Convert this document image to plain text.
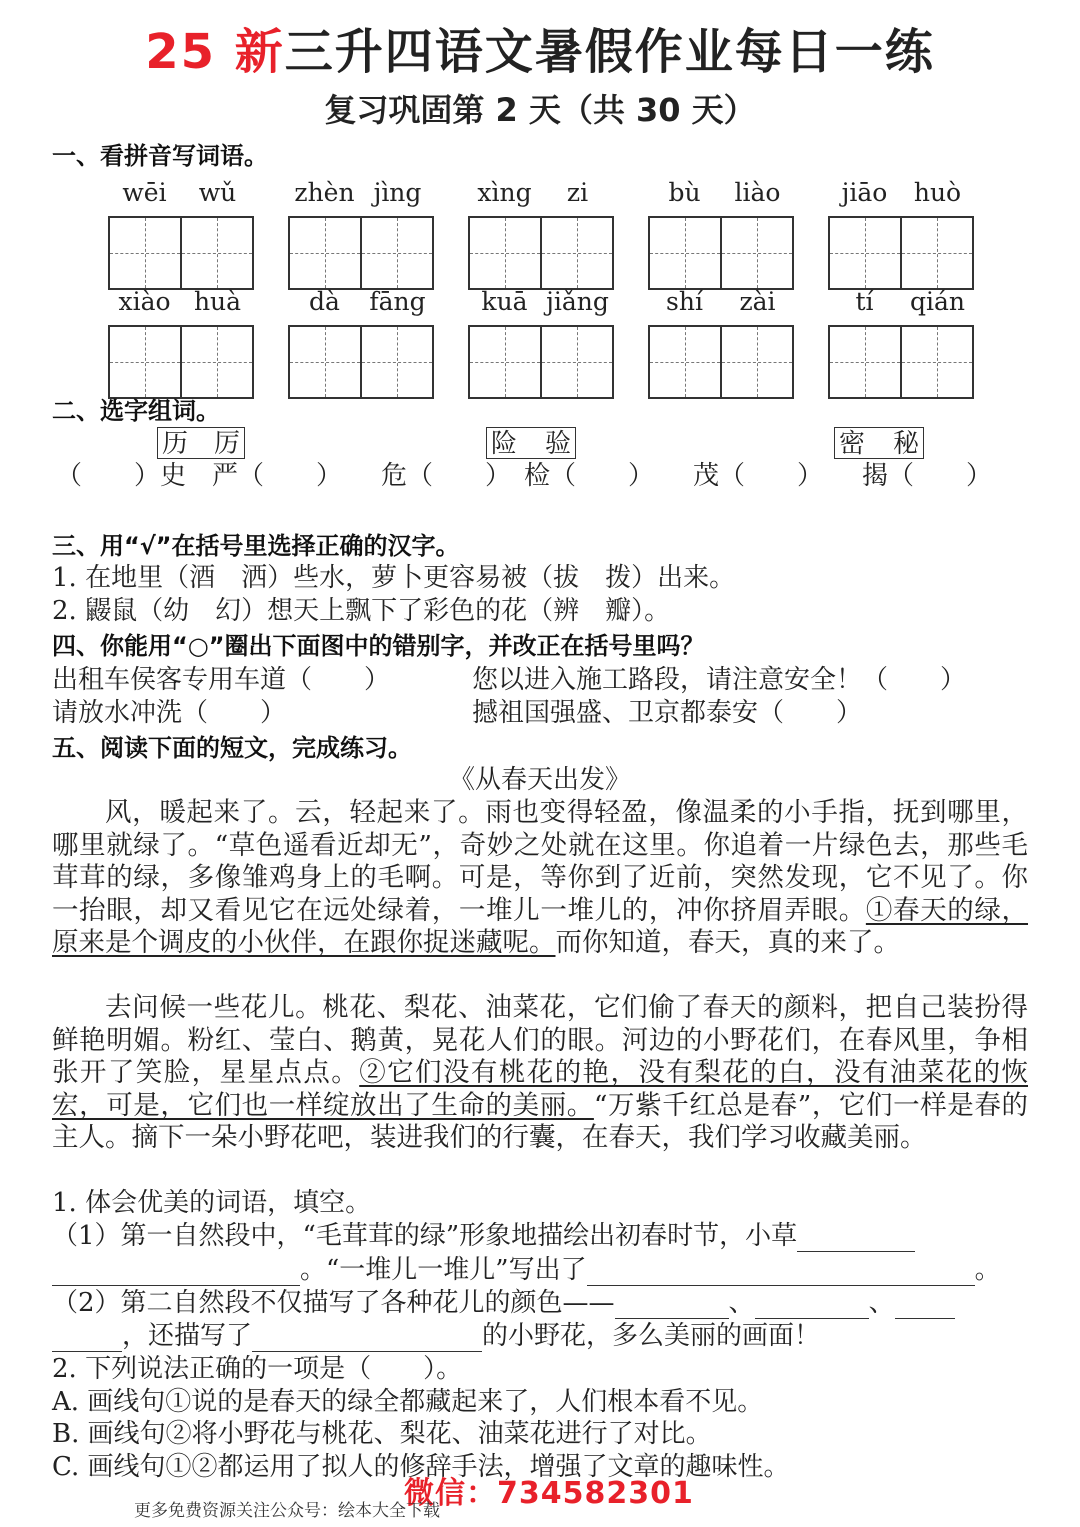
25 新三升四语文暑假作业每日一练
复习巩固第 2 天（共 30 天）
一、看拼音写词语。
wēi	wǔ	zhèn jìng	xìng	zi	bù	liào	jiāo	huò
xiào huà	dà	fāng	kuā jiǎng	shí	zài	tí	qián
二、选字组词。
历 厉	险 验	密 秘
（　　）史　严（　　）　　危（　　）　检（　　）　　茂（　　）　　揭（　　）
三、用“√”在括号里选择正确的汉字。
1. 在地里（酒　洒）些水，萝卜更容易被（拔　拨）出来。
2. 鼹鼠（幼　幻）想天上飘下了彩色的花（辨　瓣）。
四、你能用“○”圈出下面图中的错别字，并改正在括号里吗？
出租车侯客专用车道（　　）	您以进入施工路段，请注意安全！（　　）
请放水冲洗（　　）	撼祖国强盛、卫京都泰安（　　）
五、阅读下面的短文，完成练习。
《从春天出发》
风，暖起来了。云，轻起来了。雨也变得轻盈，像温柔的小手指，抚到哪里，哪里就绿了。“草色遥看近却无”，奇妙之处就在这里。你追着一片绿色去，那些毛茸茸的绿，多像雏鸡身上的毛啊。可是，等你到了近前，突然发现，它不见了。你一抬眼，却又看见它在远处绿着，一堆儿一堆儿的，冲你挤眉弄眼。①春天的绿，原来是个调皮的小伙伴，在跟你捉迷藏呢。而你知道，春天，真的来了。
去问候一些花儿。桃花、梨花、油菜花，它们偷了春天的颜料，把自己装扮得鲜艳明媚。粉红、莹白、鹅黄，晃花人们的眼。河边的小野花们，在春风里，争相张开了笑脸，星星点点。②它们没有桃花的艳，没有梨花的白，没有油菜花的恢宏，可是，它们也一样绽放出了生命的美丽。“万紫千红总是春”，它们一样是春的主人。摘下一朵小野花吧，装进我们的行囊，在春天，我们学习收藏美丽。
1. 体会优美的词语，填空。
（1）第一自然段中，“毛茸茸的绿”形象地描绘出初春时节，小草
。“一堆儿一堆儿”写出了	。
（2）第二自然段不仅描写了各种花儿的颜色——	、	、
，还描写了	的小野花，多么美丽的画面！
2. 下列说法正确的一项是（　　）。
A. 画线句①说的是春天的绿全都藏起来了，人们根本看不见。
B. 画线句②将小野花与桃花、梨花、油菜花进行了对比。
C. 画线句①②都运用了拟人的修辞手法，增强了文章的趣味性。
微信：734582301
更多免费资源关注公众号：绘本大全下载
